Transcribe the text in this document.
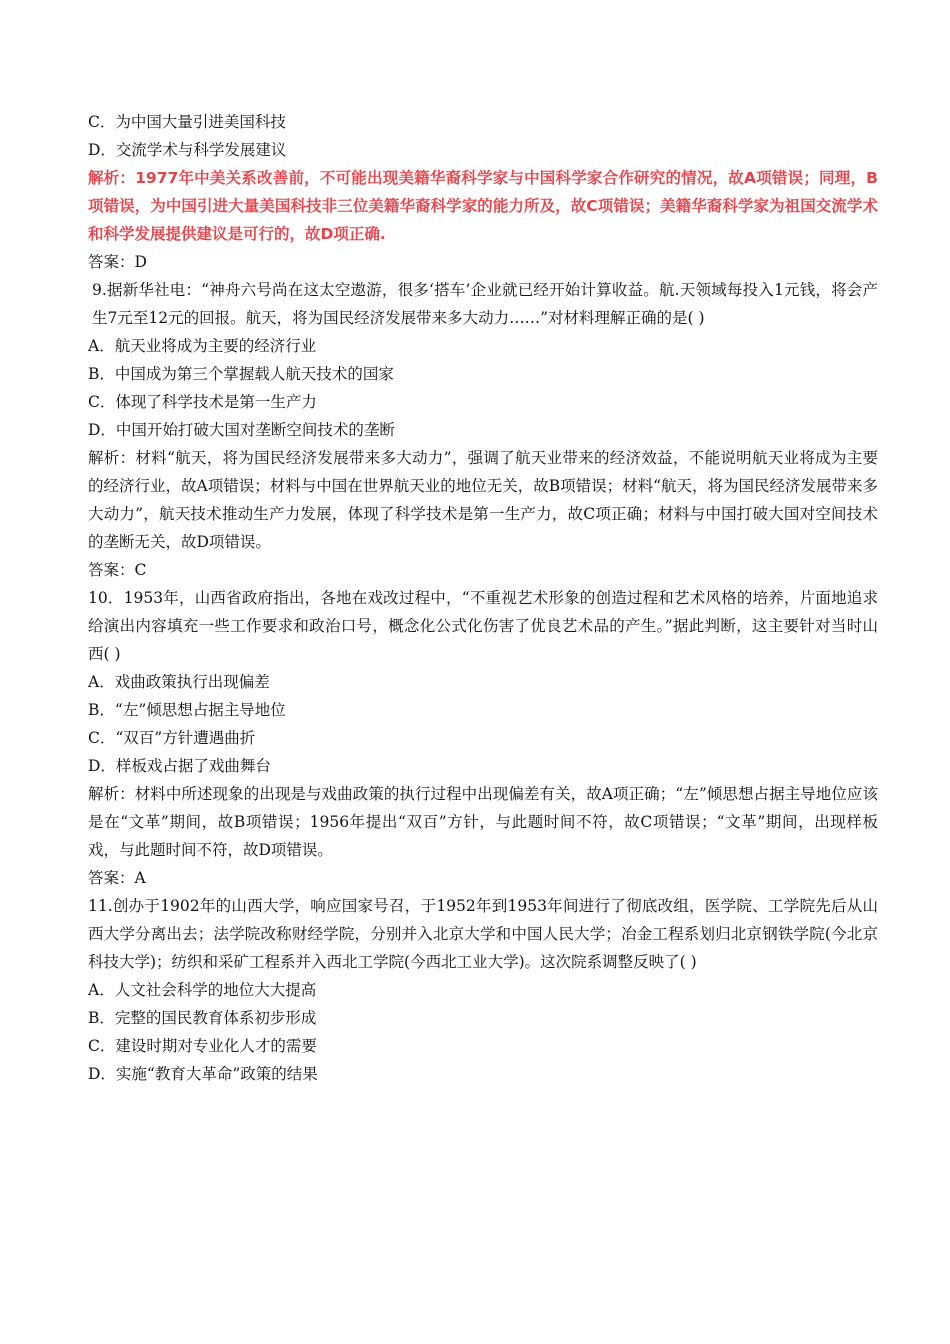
C．为中国大量引进美国科技
D．交流学术与科学发展建议
解析：1977年中美关系改善前，不可能出现美籍华裔科学家与中国科学家合作研究的情况，故A项错误；同理，B项错误，为中国引进大量美国科技非三位美籍华裔科学家的能力所及，故C项错误；美籍华裔科学家为祖国交流学术和科学发展提供建议是可行的，故D项正确.
答案：D
9.据新华社电：“神舟六号尚在这太空遨游，很多‘搭车’企业就已经开始计算收益。航.天领域每投入1元钱，将会产生7元至12元的回报。航天，将为国民经济发展带来多大动力……”对材料理解正确的是( )
A．航天业将成为主要的经济行业
B．中国成为第三个掌握载人航天技术的国家
C．体现了科学技术是第一生产力
D．中国开始打破大国对垄断空间技术的垄断
解析：材料“航天，将为国民经济发展带来多大动力”，强调了航天业带来的经济效益，不能说明航天业将成为主要的经济行业，故A项错误；材料与中国在世界航天业的地位无关，故B项错误；材料“航天，将为国民经济发展带来多大动力”，航天技术推动生产力发展，体现了科学技术是第一生产力，故C项正确；材料与中国打破大国对空间技术的垄断无关，故D项错误。
答案：C
10．1953年，山西省政府指出，各地在戏改过程中，“不重视艺术形象的创造过程和艺术风格的培养，片面地追求给演出内容填充一些工作要求和政治口号，概念化公式化伤害了优良艺术品的产生。”据此判断，这主要针对当时山西( )
A．戏曲政策执行出现偏差
B．“左”倾思想占据主导地位
C．“双百”方针遭遇曲折
D．样板戏占据了戏曲舞台
解析：材料中所述现象的出现是与戏曲政策的执行过程中出现偏差有关，故A项正确；“左”倾思想占据主导地位应该是在“文革”期间，故B项错误；1956年提出“双百”方针，与此题时间不符，故C项错误；“文革”期间，出现样板戏，与此题时间不符，故D项错误。
答案：A
11.创办于1902年的山西大学，响应国家号召，于1952年到1953年间进行了彻底改组，医学院、工学院先后从山西大学分离出去；法学院改称财经学院，分别并入北京大学和中国人民大学；冶金工程系划归北京钢铁学院(今北京科技大学)；纺织和采矿工程系并入西北工学院(今西北工业大学)。这次院系调整反映了( )
A．人文社会科学的地位大大提高
B．完整的国民教育体系初步形成
C．建设时期对专业化人才的需要
D．实施“教育大革命”政策的结果
